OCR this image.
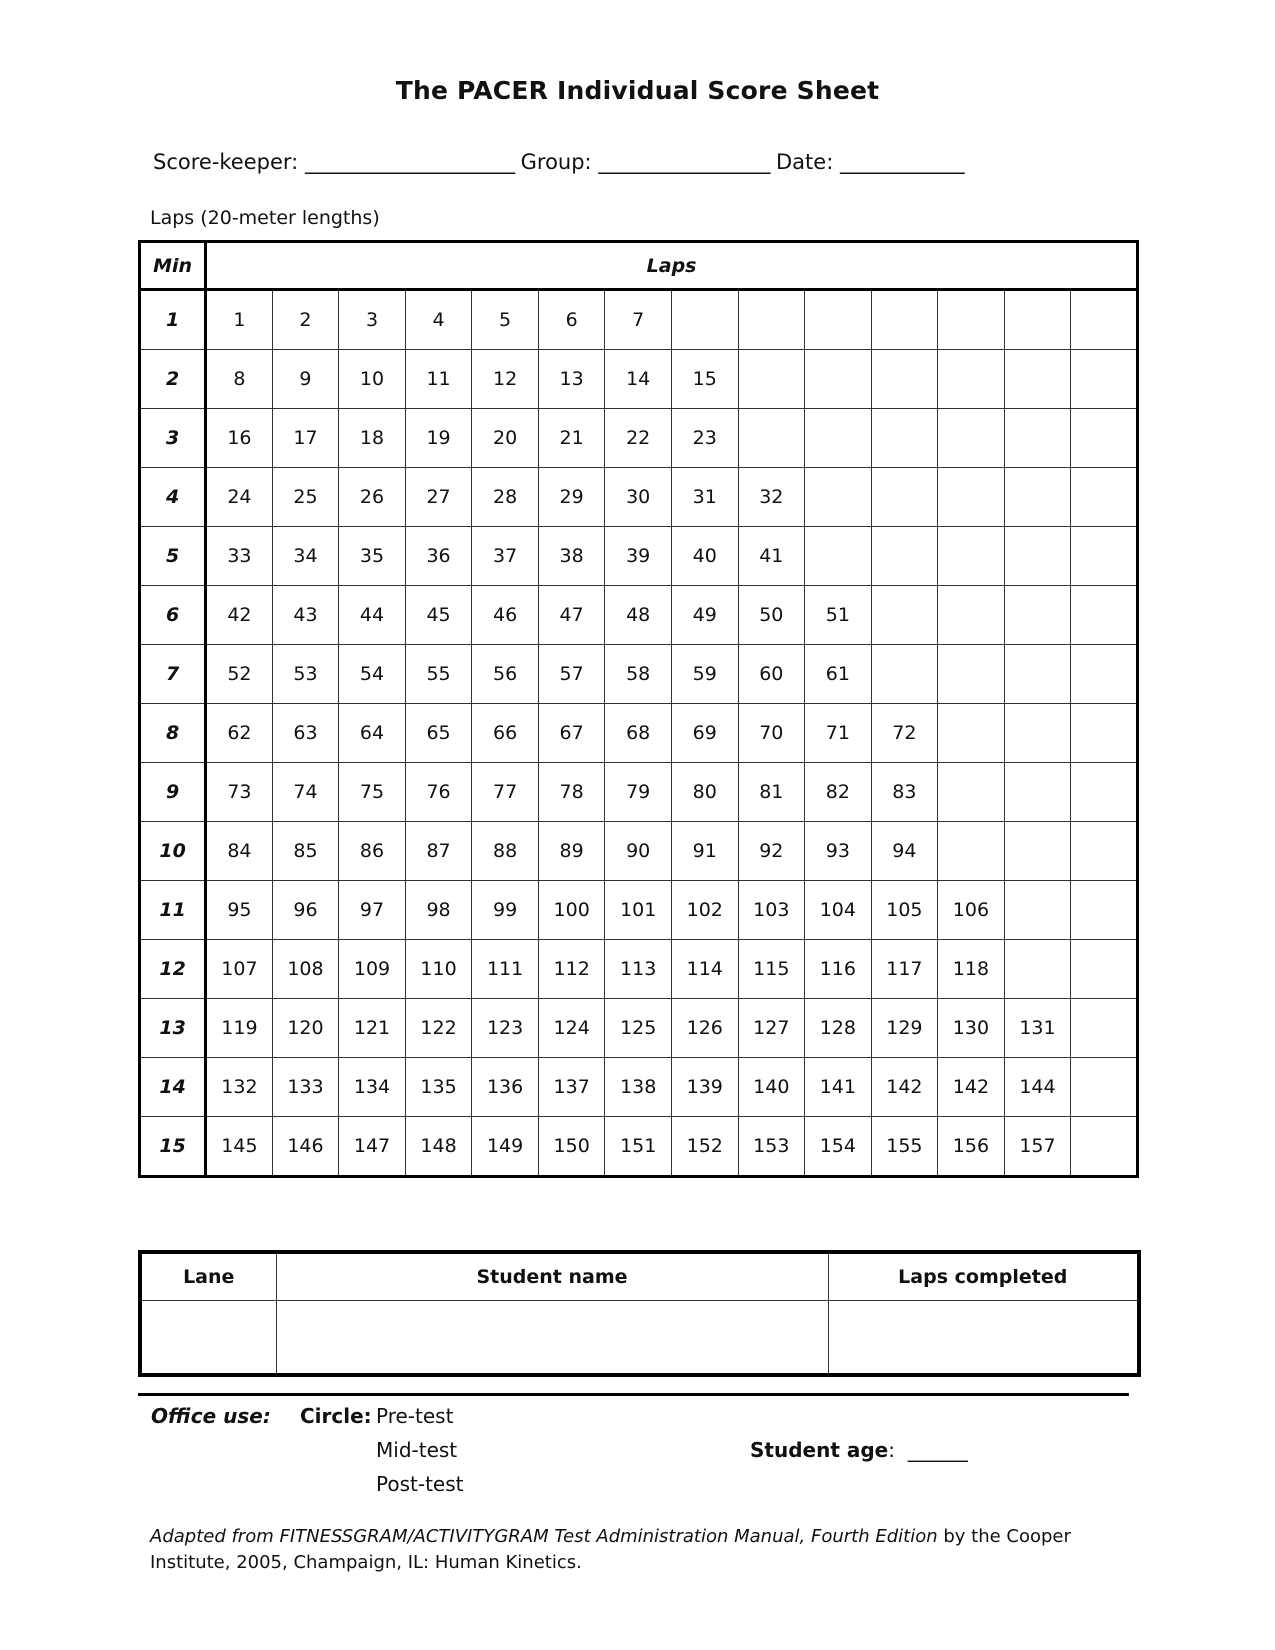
The PACER Individual Score Sheet
Score-keeper: ______________________ Group: __________________ Date: _____________
Laps (20-meter lengths)
Min	Laps													
1	1	2	3	4	5	6	7							
2	8	9	10	11	12	13	14	15						
3	16	17	18	19	20	21	22	23						
4	24	25	26	27	28	29	30	31	32					
5	33	34	35	36	37	38	39	40	41					
6	42	43	44	45	46	47	48	49	50	51				
7	52	53	54	55	56	57	58	59	60	61				
8	62	63	64	65	66	67	68	69	70	71	72			
9	73	74	75	76	77	78	79	80	81	82	83			
10	84	85	86	87	88	89	90	91	92	93	94			
11	95	96	97	98	99	100	101	102	103	104	105	106		
12	107	108	109	110	111	112	113	114	115	116	117	118		
13	119	120	121	122	123	124	125	126	127	128	129	130	131	
14	132	133	134	135	136	137	138	139	140	141	142	142	144	
15	145	146	147	148	149	150	151	152	153	154	155	156	157	
Lane	Student name	Laps completed

Office use: Circle: Pre-test
Mid-test
Post-test
Student age: ______
Adapted from FITNESSGRAM/ACTIVITYGRAM Test Administration Manual, Fourth Edition by the Cooper Institute, 2005, Champaign, IL: Human Kinetics.
